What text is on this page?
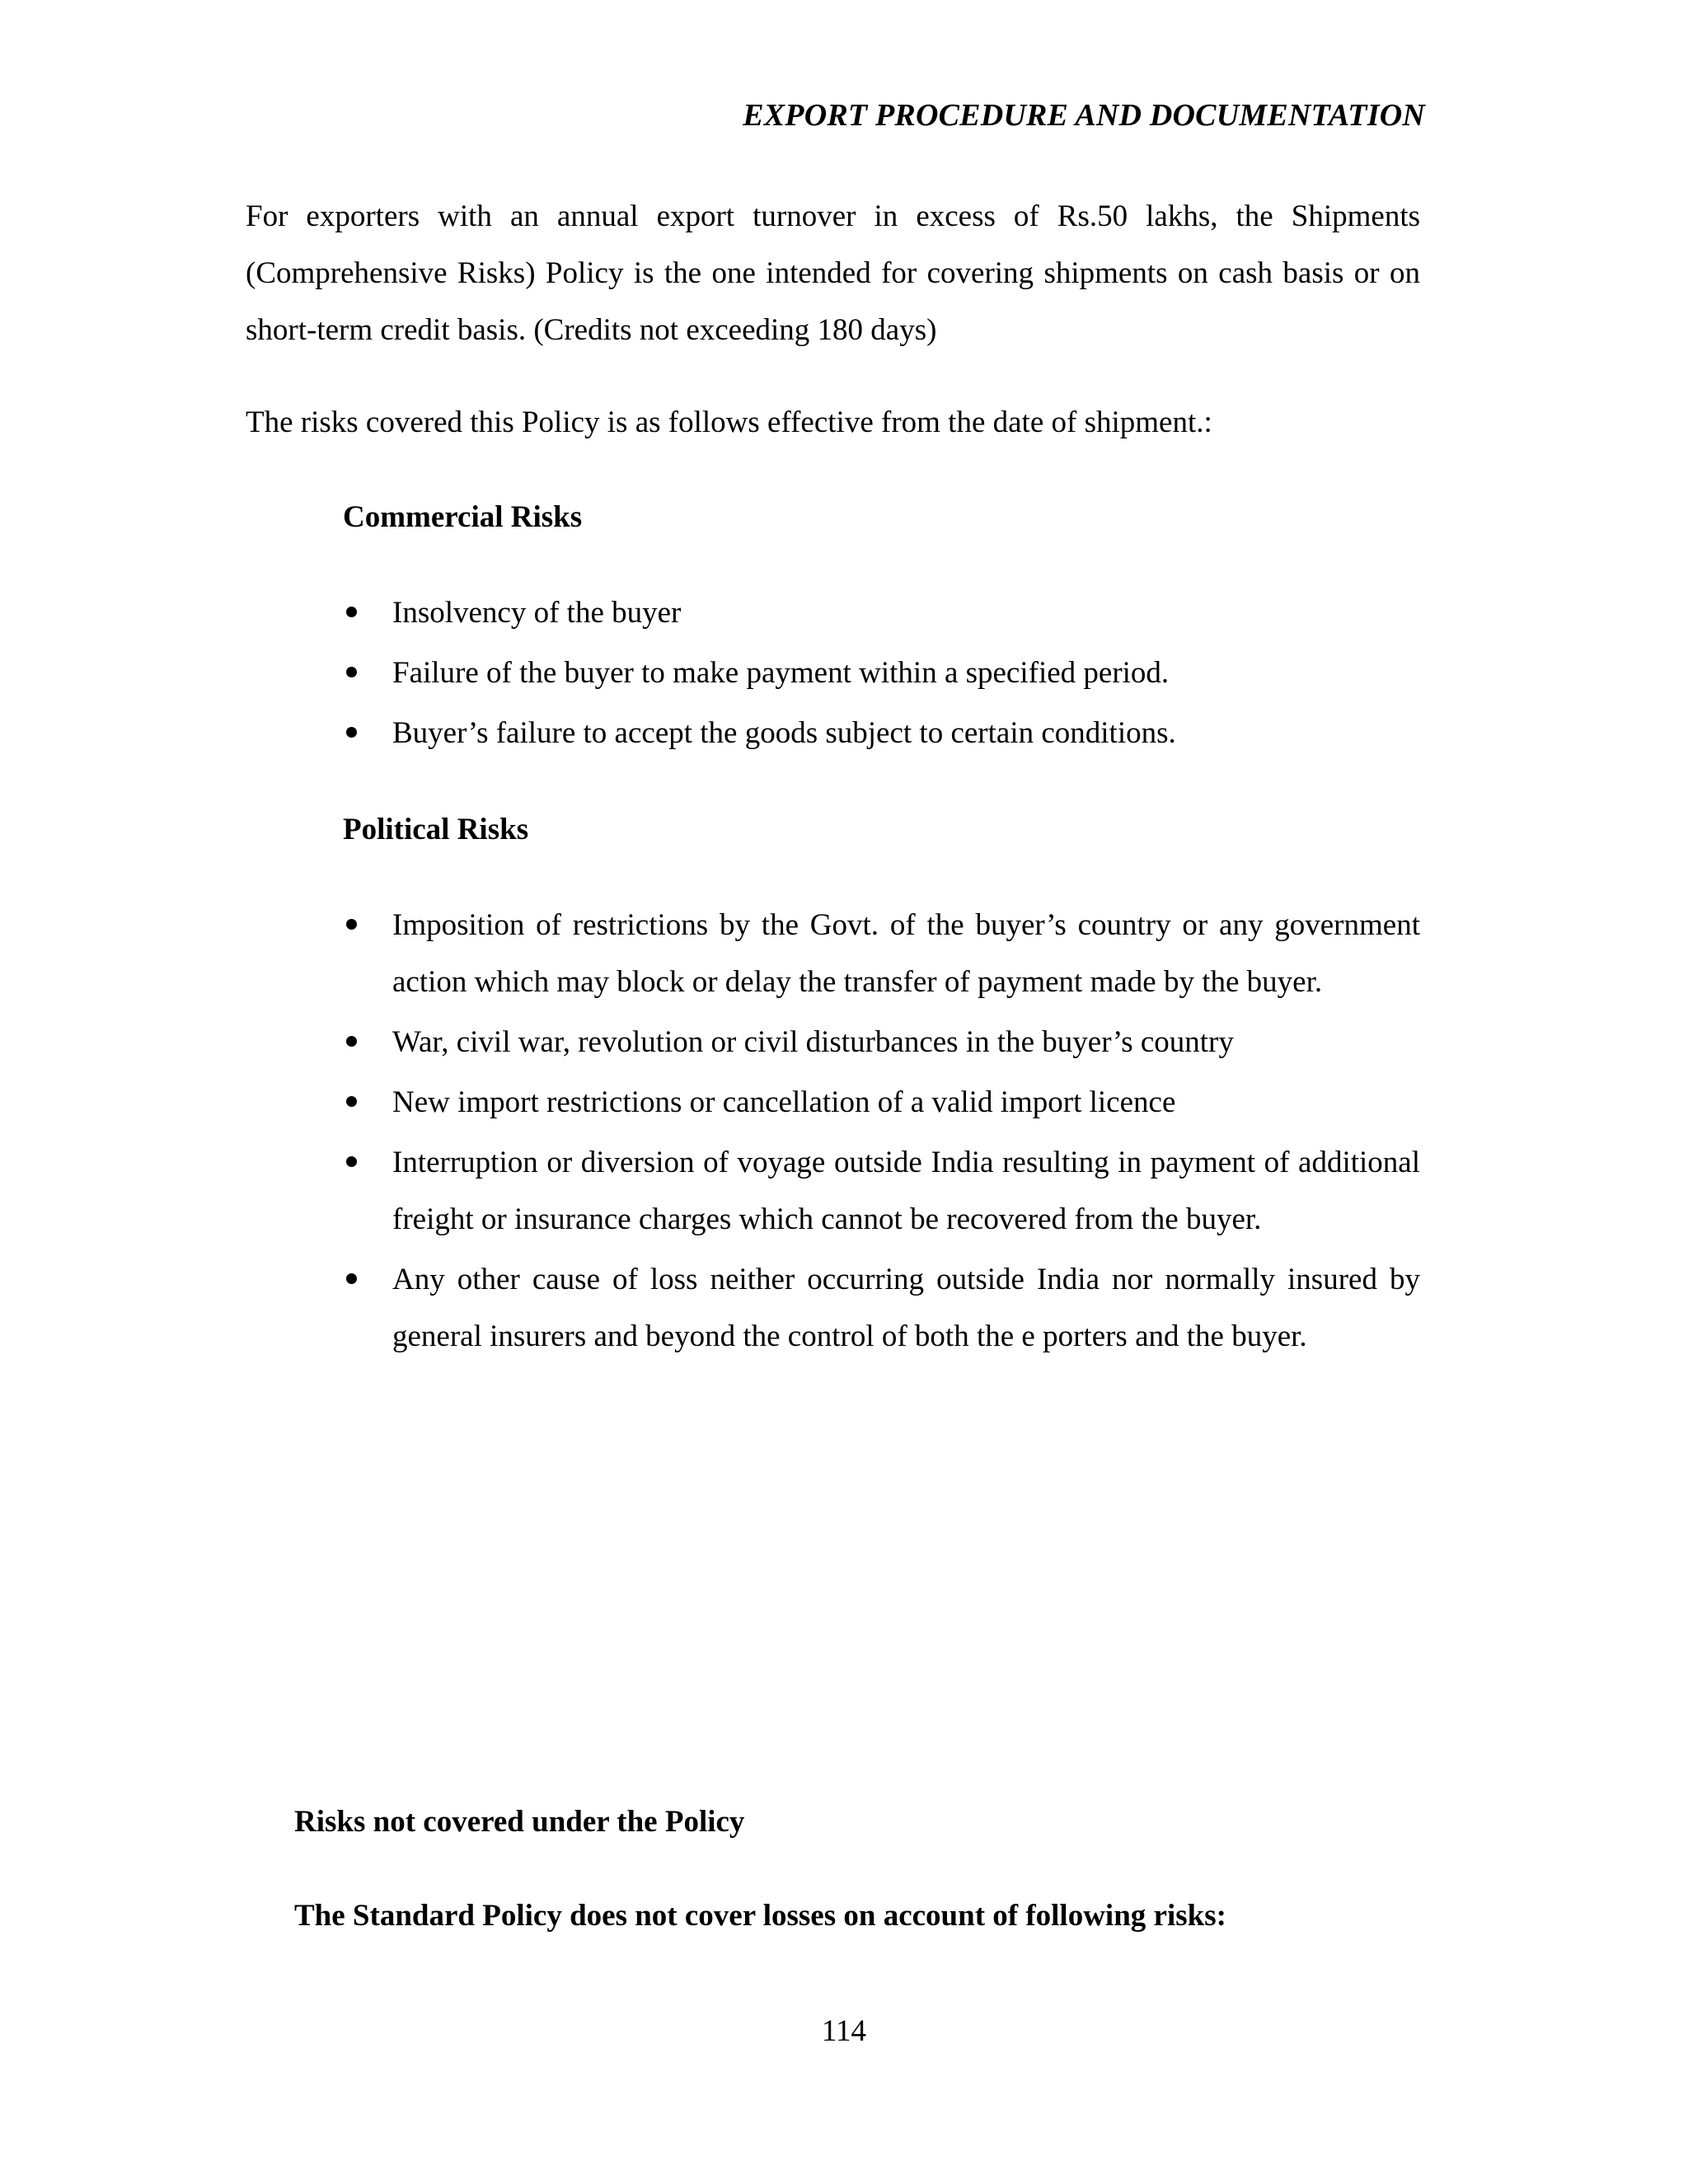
EXPORT PROCEDURE AND DOCUMENTATION

For exporters with an annual export turnover in excess of Rs.50 lakhs, the Shipments (Comprehensive Risks) Policy is the one intended for covering shipments on cash basis or on short-term credit basis. (Credits not exceeding 180 days)

The risks covered this Policy is as follows effective from the date of shipment.:

Commercial Risks
Insolvency of the buyer
Failure of the buyer to make payment within a specified period.
Buyer’s failure to accept the goods subject to certain conditions.
Political Risks
Imposition of restrictions by the Govt. of the buyer’s country or any government action which may block or delay the transfer of payment made by the buyer.
War, civil war, revolution or civil disturbances in the buyer’s country
New import restrictions or cancellation of a valid import licence
Interruption or diversion of voyage outside India resulting in payment of additional freight or insurance charges which cannot be recovered from the buyer.
Any other cause of loss neither occurring outside India nor normally insured by general insurers and beyond the control of both the e porters and the buyer.
Risks not covered under the Policy
The Standard Policy does not cover losses on account of following risks:
114
